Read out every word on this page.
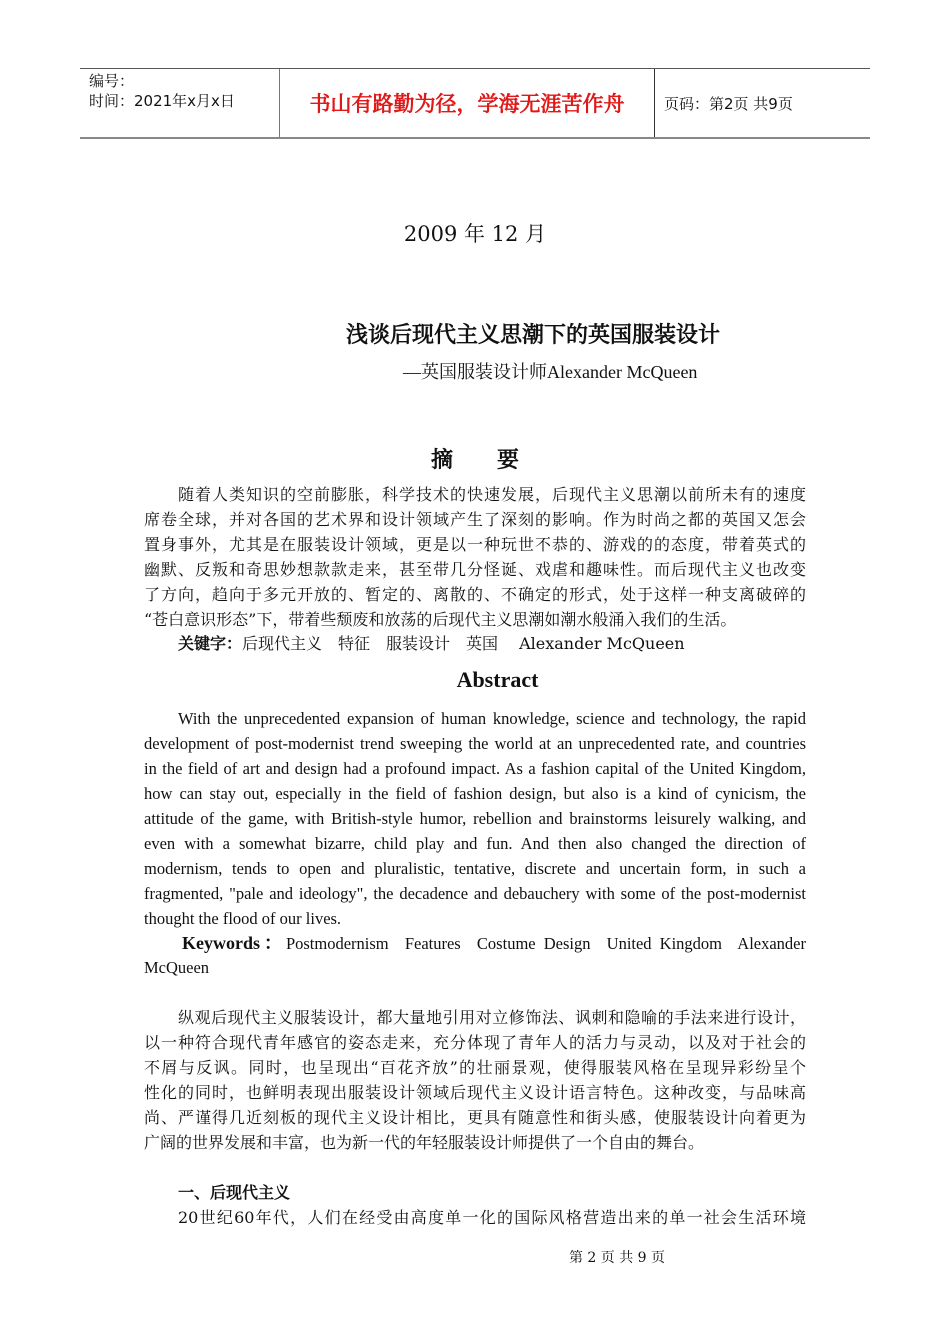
编号：
时间：2021年x月x日	书山有路勤为径，学海无涯苦作舟	页码：第2页 共9页
2009 年 12 月
浅谈后现代主义思潮下的英国服装设计
—英国服装设计师Alexander McQueen
摘　　要
随着人类知识的空前膨胀，科学技术的快速发展，后现代主义思潮以前所未有的速度
席卷全球，并对各国的艺术界和设计领域产生了深刻的影响。作为时尚之都的英国又怎会
置身事外，尤其是在服装设计领域，更是以一种玩世不恭的、游戏的的态度，带着英式的
幽默、反叛和奇思妙想款款走来，甚至带几分怪诞、戏虐和趣味性。而后现代主义也改变
了方向，趋向于多元开放的、暂定的、离散的、不确定的形式，处于这样一种支离破碎的
“苍白意识形态”下，带着些颓废和放荡的后现代主义思潮如潮水般涌入我们的生活。
关键字：后现代主义　特征　服装设计　英国　 Alexander McQueen
Abstract
With the unprecedented expansion of human knowledge, science and technology, the rapid
development of post-modernist trend sweeping the world at an unprecedented rate, and countries
in the field of art and design had a profound impact. As a fashion capital of the United Kingdom,
how can stay out, especially in the field of fashion design, but also is a kind of cynicism, the
attitude of the game, with British-style humor, rebellion and brainstorms leisurely walking, and
even with a somewhat bizarre, child play and fun. And then also changed the direction of
modernism, tends to open and pluralistic, tentative, discrete and uncertain form, in such a
fragmented, "pale and ideology", the decadence and debauchery with some of the post-modernist
thought the flood of our lives.
Keywords：Postmodernism  Features  Costume Design  United Kingdom  Alexander
McQueen
纵观后现代主义服装设计，都大量地引用对立修饰法、讽刺和隐喻的手法来进行设计，
以一种符合现代青年感官的姿态走来，充分体现了青年人的活力与灵动，以及对于社会的
不屑与反讽。同时，也呈现出“百花齐放”的壮丽景观，使得服装风格在呈现异彩纷呈个
性化的同时，也鲜明表现出服装设计领域后现代主义设计语言特色。这种改变，与品味高
尚、严谨得几近刻板的现代主义设计相比，更具有随意性和街头感，使服装设计向着更为
广阔的世界发展和丰富，也为新一代的年轻服装设计师提供了一个自由的舞台。
一、后现代主义
20世纪60年代，人们在经受由高度单一化的国际风格营造出来的单一社会生活环境
第 2 页 共 9 页
